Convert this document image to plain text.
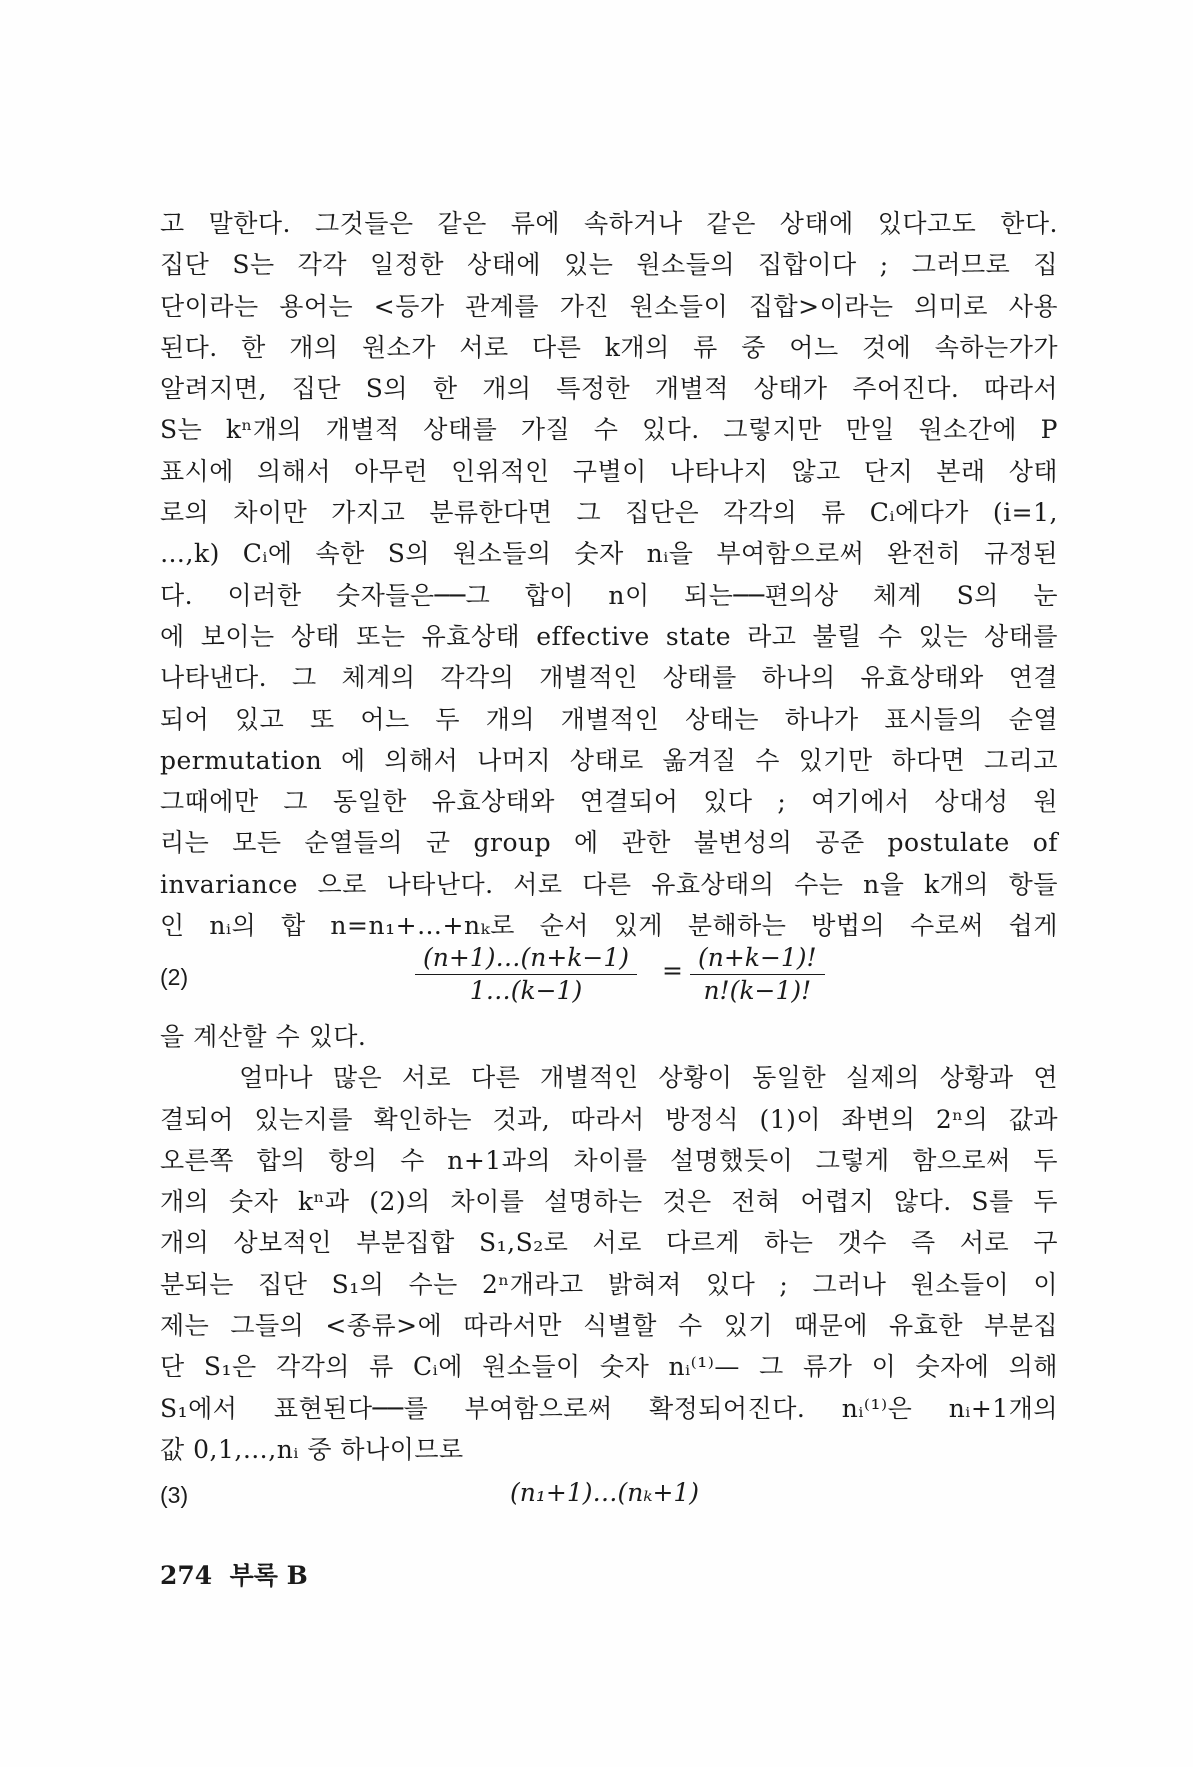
고 말한다. 그것들은 같은 류에 속하거나 같은 상태에 있다고도 한다.
집단 S는 각각 일정한 상태에 있는 원소들의 집합이다 ; 그러므로 집
단이라는 용어는 <등가 관계를 가진 원소들이 집합>이라는 의미로 사용
된다. 한 개의 원소가 서로 다른 k개의 류 중 어느 것에 속하는가가
알려지면, 집단 S의 한 개의 특정한 개별적 상태가 주어진다. 따라서
S는 kⁿ개의 개별적 상태를 가질 수 있다. 그렇지만 만일 원소간에 P
표시에 의해서 아무런 인위적인 구별이 나타나지 않고 단지 본래 상태
로의 차이만 가지고 분류한다면 그 집단은 각각의 류 Cᵢ에다가 (i=1,
…,k) Cᵢ에 속한 S의 원소들의 숫자 nᵢ을 부여함으로써 완전히 규정된
다. 이러한 숫자들은──그 합이 n이 되는──편의상 체계 S의 눈
에 보이는 상태 또는 유효상태 effective state 라고 불릴 수 있는 상태를
나타낸다. 그 체계의 각각의 개별적인 상태를 하나의 유효상태와 연결
되어 있고 또 어느 두 개의 개별적인 상태는 하나가 표시들의 순열
permutation 에 의해서 나머지 상태로 옮겨질 수 있기만 하다면 그리고
그때에만 그 동일한 유효상태와 연결되어 있다 ; 여기에서 상대성 원
리는 모든 순열들의 군 group 에 관한 불변성의 공준 postulate of
invariance 으로 나타난다. 서로 다른 유효상태의 수는 n을 k개의 항들
인 nᵢ의 합 n=n₁+…+nₖ로 순서 있게 분해하는 방법의 수로써 쉽게
(2)	$\frac{(n+1)\dots(n+k-1)}{1\dots(k-1)} = \frac{(n+k-1)!}{n!(k-1)!}$
을 계산할 수 있다.
얼마나 많은 서로 다른 개별적인 상황이 동일한 실제의 상황과 연
결되어 있는지를 확인하는 것과, 따라서 방정식 (1)이 좌변의 2ⁿ의 값과
오른쪽 합의 항의 수 n+1과의 차이를 설명했듯이 그렇게 함으로써 두
개의 숫자 kⁿ과 (2)의 차이를 설명하는 것은 전혀 어렵지 않다. S를 두
개의 상보적인 부분집합 S₁,S₂로 서로 다르게 하는 갯수 즉 서로 구
분되는 집단 S₁의 수는 2ⁿ개라고 밝혀져 있다 ; 그러나 원소들이 이
제는 그들의 <종류>에 따라서만 식별할 수 있기 때문에 유효한 부분집
단 S₁은 각각의 류 Cᵢ에 원소들이 숫자 nᵢ⁽¹⁾— 그 류가 이 숫자에 의해
S₁에서 표현된다──를 부여함으로써 확정되어진다. nᵢ⁽¹⁾은 nᵢ+1개의
값 0,1,…,nᵢ 중 하나이므로
(3)	(n₁+1)…(nₖ+1)
274 부록 B
